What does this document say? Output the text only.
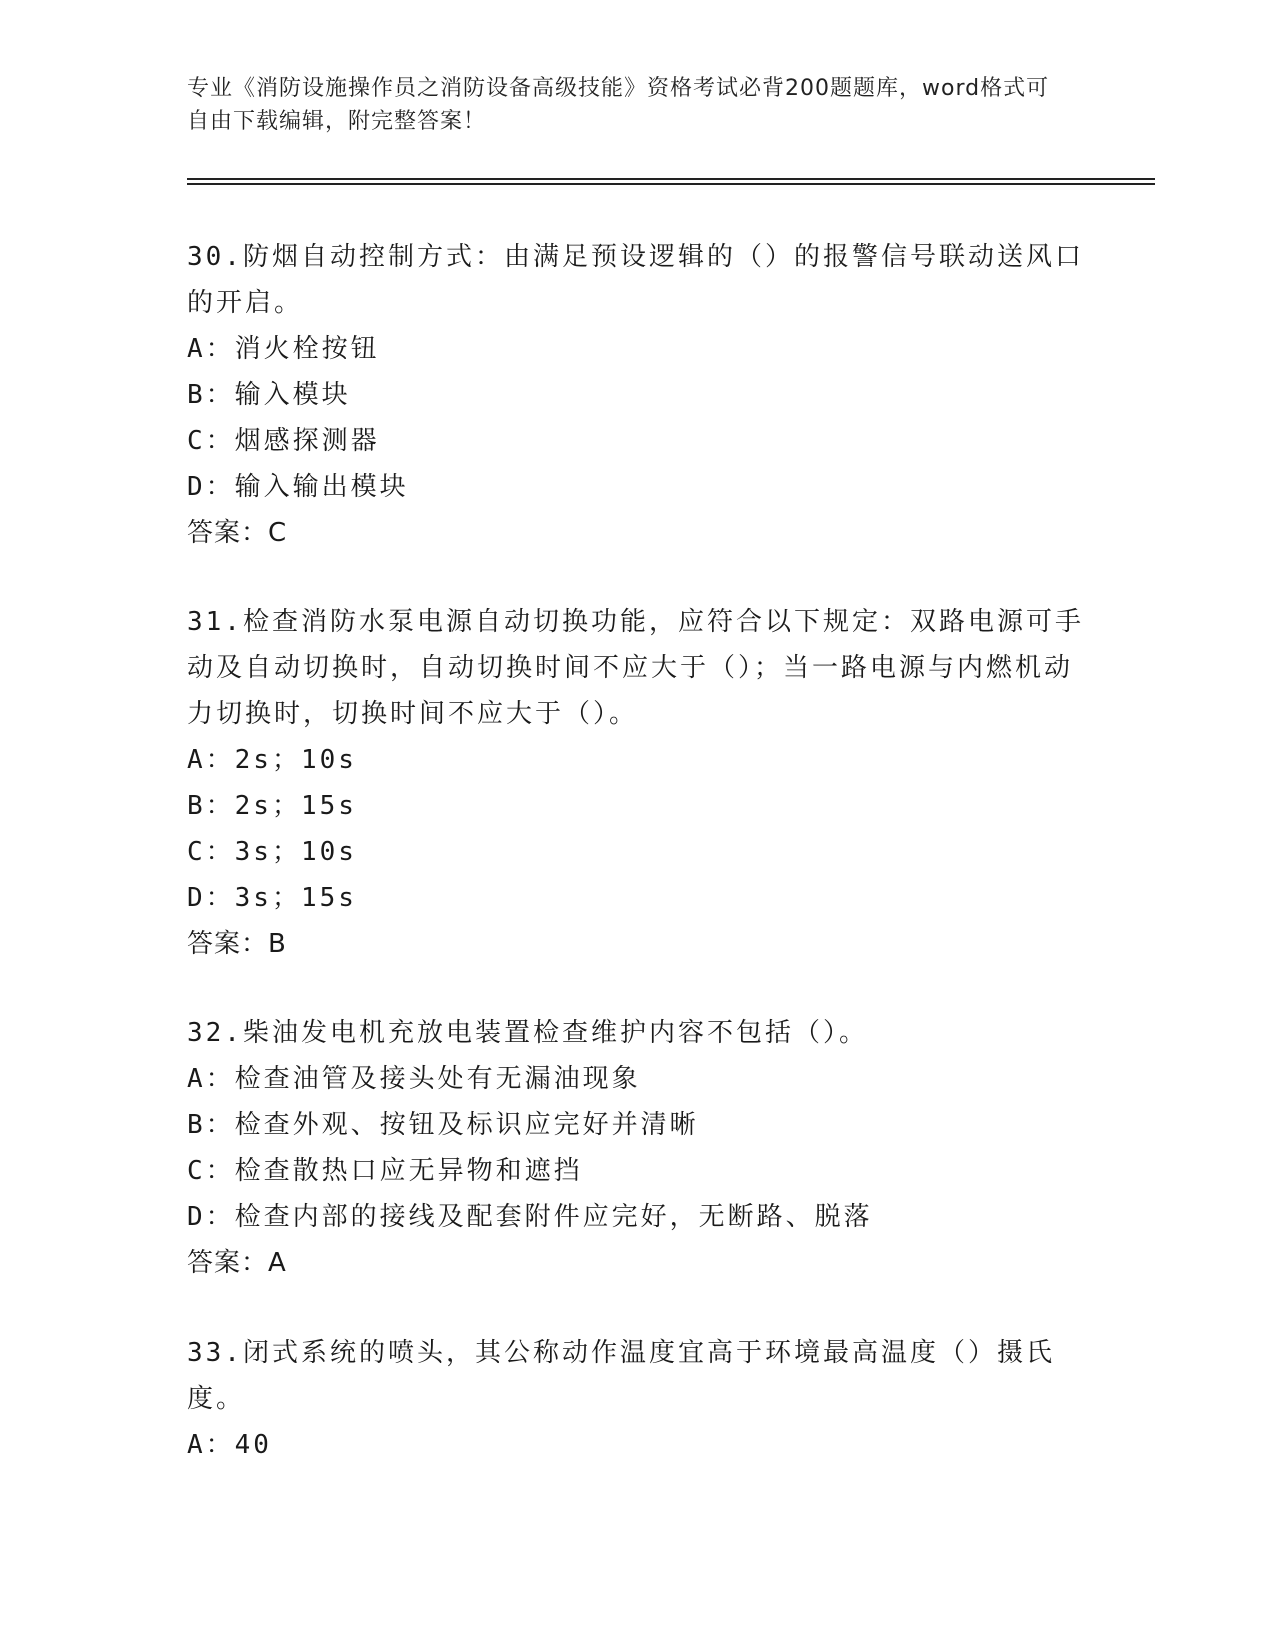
专业《消防设施操作员之消防设备高级技能》资格考试必背200题题库，word格式可自由下载编辑，附完整答案！

30.防烟自动控制方式：由满足预设逻辑的（）的报警信号联动送风口的开启。

A：消火栓按钮

B：输入模块

C：烟感探测器

D：输入输出模块

答案：C

31.检查消防水泵电源自动切换功能，应符合以下规定：双路电源可手动及自动切换时，自动切换时间不应大于（）；当一路电源与内燃机动力切换时，切换时间不应大于（）。

A：2s；10s

B：2s；15s

C：3s；10s

D：3s；15s

答案：B

32.柴油发电机充放电装置检查维护内容不包括（）。

A：检查油管及接头处有无漏油现象

B：检查外观、按钮及标识应完好并清晰

C：检查散热口应无异物和遮挡

D：检查内部的接线及配套附件应完好，无断路、脱落

答案：A

33.闭式系统的喷头，其公称动作温度宜高于环境最高温度（）摄氏度。

A：40
